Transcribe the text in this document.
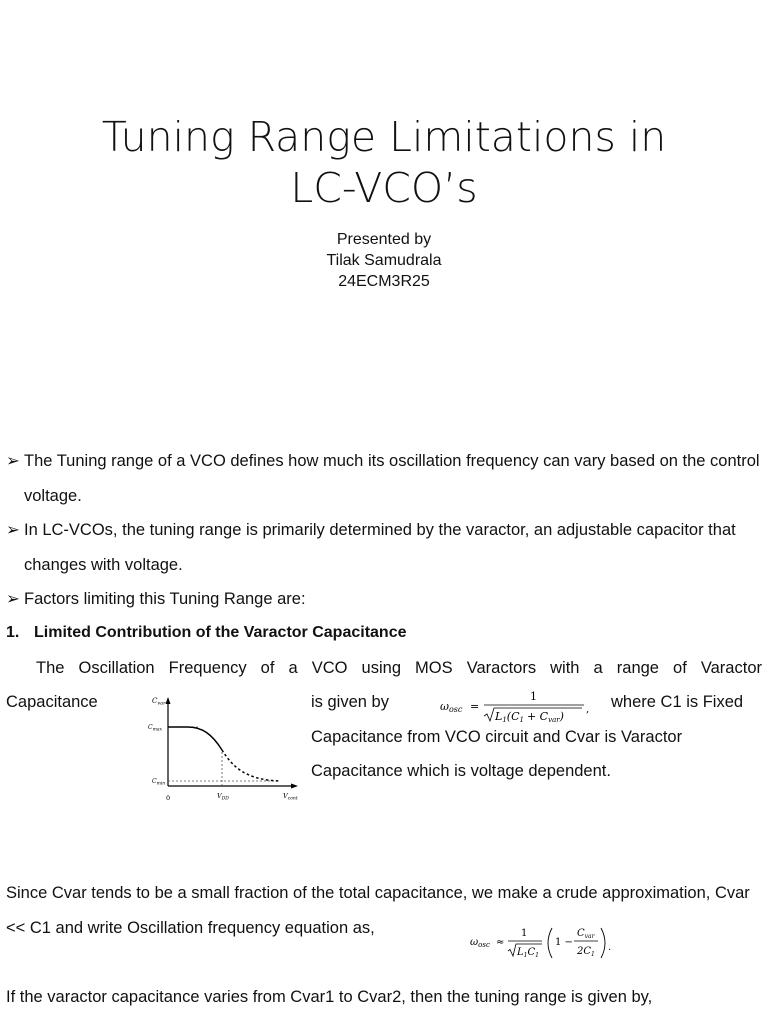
Tuning Range Limitations in
LC-VCO’s
Presented by
Tilak Samudrala
24ECM3R25
➢ The Tuning range of a VCO defines how much its oscillation frequency can vary based on the control voltage.
➢ In LC-VCOs, the tuning range is primarily determined by the varactor, an adjustable capacitor that changes with voltage.
➢ Factors limiting this Tuning Range are:
1. Limited Contribution of the Varactor Capacitance
The Oscillation Frequency of a VCO using MOS Varactors with a range of Varactor
Capacitance	is given by	where C1 is Fixed
Capacitance from VCO circuit and Cvar is Varactor
Capacitance which is voltage dependent.
$C_{var}$
$C_{max}$
$C_{min}$
0	$V_{DD}$	$V_{cont}$
ωosc =
1
L1(C1 + Cvar)
,
Since Cvar tends to be a small fraction of the total capacitance, we make a crude approximation, Cvar << C1 and write Oscillation frequency equation as,
$\omega_{osc}$ ≈
1
$L_1C_1$
1 −
$C_{var}$
$2C_1$
.
If the varactor capacitance varies from Cvar1 to Cvar2, then the tuning range is given by,
